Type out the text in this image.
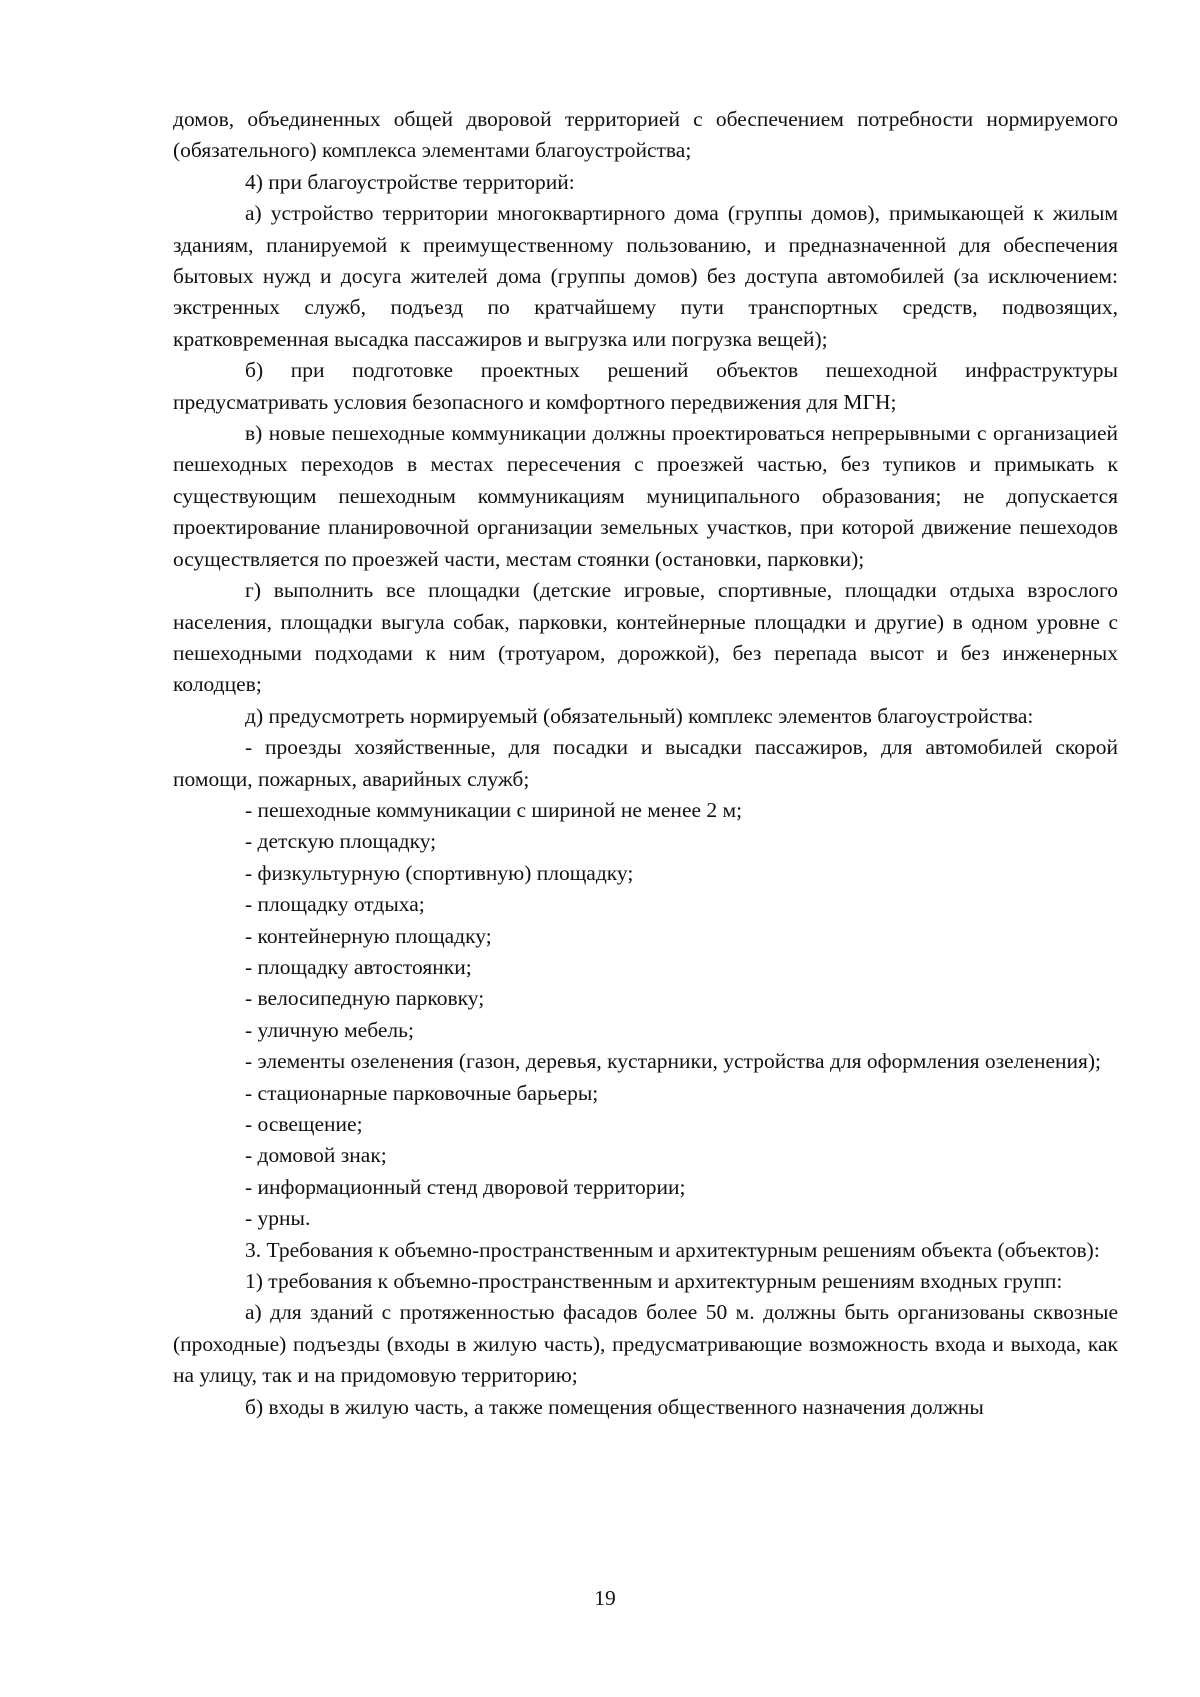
домов, объединенных общей дворовой территорией с обеспечением потребности нормируемого (обязательного) комплекса элементами благоустройства;

4) при благоустройстве территорий:

а) устройство территории многоквартирного дома (группы домов), примыкающей к жилым зданиям, планируемой к преимущественному пользованию, и предназначенной для обеспечения бытовых нужд и досуга жителей дома (группы домов) без доступа автомобилей (за исключением: экстренных служб, подъезд по кратчайшему пути транспортных средств, подвозящих, кратковременная высадка пассажиров и выгрузка или погрузка вещей);

б) при подготовке проектных решений объектов пешеходной инфраструктуры предусматривать условия безопасного и комфортного передвижения для МГН;

в) новые пешеходные коммуникации должны проектироваться непрерывными с организацией пешеходных переходов в местах пересечения с проезжей частью, без тупиков и примыкать к существующим пешеходным коммуникациям муниципального образования; не допускается проектирование планировочной организации земельных участков, при которой движение пешеходов осуществляется по проезжей части, местам стоянки (остановки, парковки);

г) выполнить все площадки (детские игровые, спортивные, площадки отдыха взрослого населения, площадки выгула собак, парковки, контейнерные площадки и другие) в одном уровне с пешеходными подходами к ним (тротуаром, дорожкой), без перепада высот и без инженерных колодцев;

д) предусмотреть нормируемый (обязательный) комплекс элементов благоустройства:

- проезды хозяйственные, для посадки и высадки пассажиров, для автомобилей скорой помощи, пожарных, аварийных служб;

- пешеходные коммуникации с шириной не менее 2 м;

- детскую площадку;

- физкультурную (спортивную) площадку;

- площадку отдыха;

- контейнерную площадку;

- площадку автостоянки;

- велосипедную парковку;

- уличную мебель;

- элементы озеленения (газон, деревья, кустарники, устройства для оформления озеленения);

- стационарные парковочные барьеры;

- освещение;

- домовой знак;

- информационный стенд дворовой территории;

- урны.

3. Требования к объемно-пространственным и архитектурным решениям объекта (объектов):

1) требования к объемно-пространственным и архитектурным решениям входных групп:

а) для зданий с протяженностью фасадов более 50 м. должны быть организованы сквозные (проходные) подъезды (входы в жилую часть), предусматривающие возможность входа и выхода, как на улицу, так и на придомовую территорию;

б) входы в жилую часть, а также помещения общественного назначения должны

19
